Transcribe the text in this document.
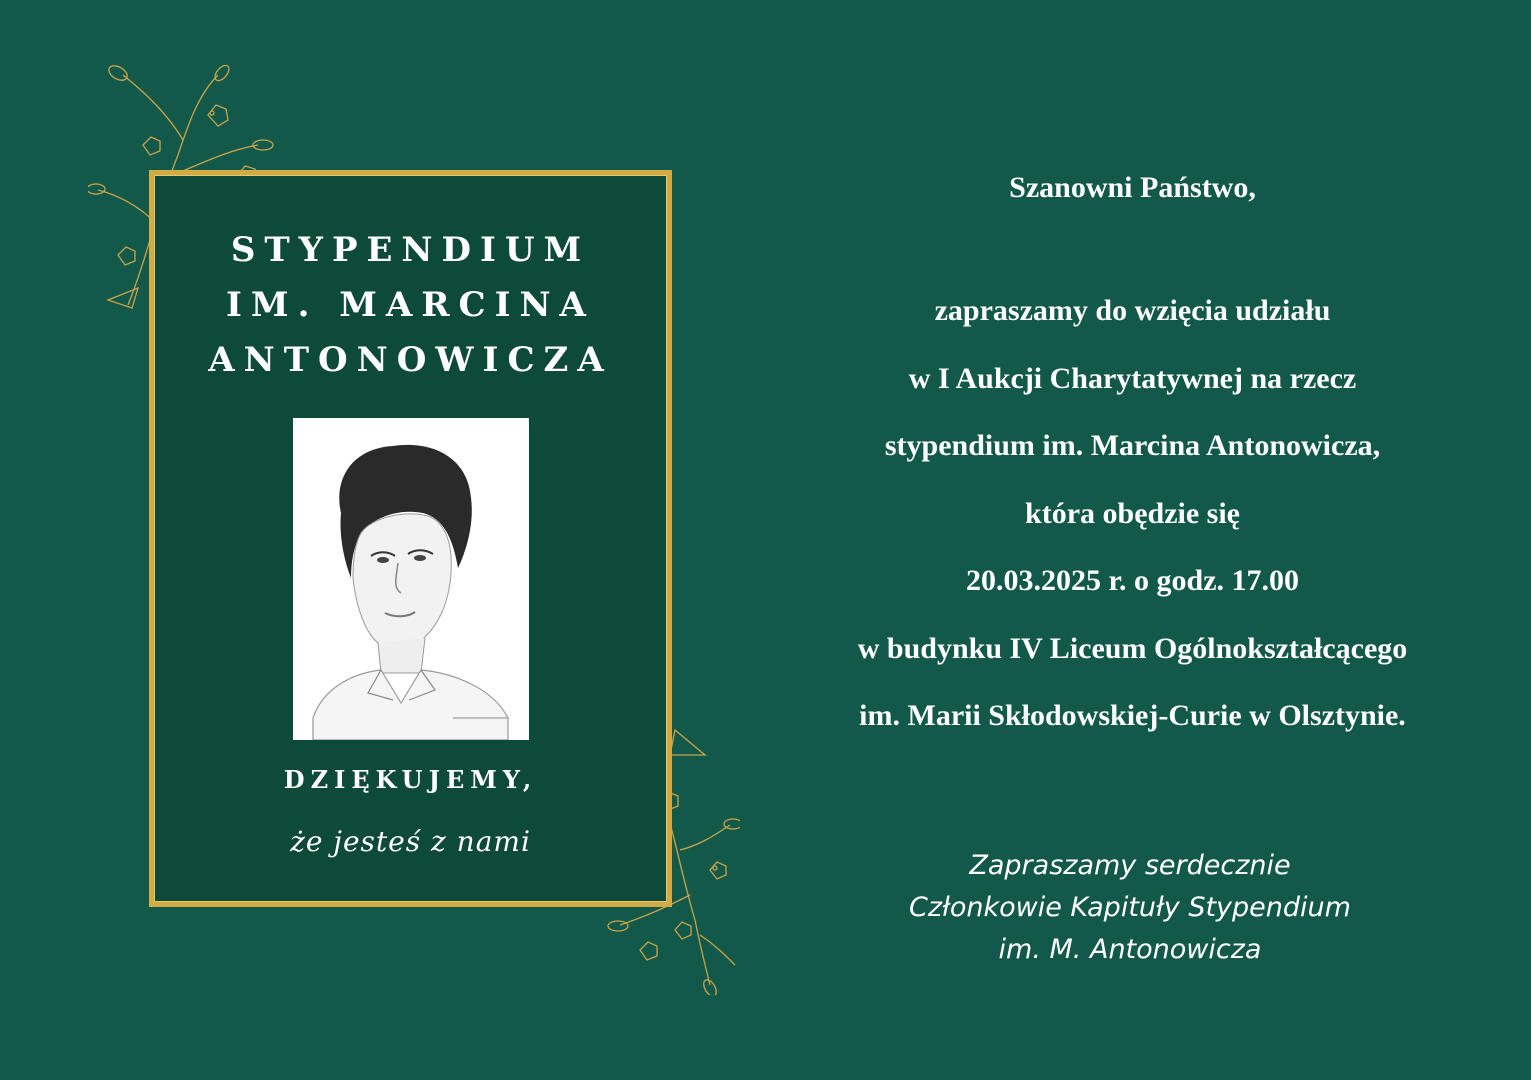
STYPENDIUM
IM. MARCINA
ANTONOWICZA
DZIĘKUJEMY,
że jesteś z nami

Szanowni Państwo,

zapraszamy do wzięcia udziału

w I Aukcji Charytatywnej na rzecz

stypendium im. Marcina Antonowicza,

która obędzie się

20.03.2025 r. o godz. 17.00

w budynku IV Liceum Ogólnokształcącego

im. Marii Skłodowskiej-Curie w Olsztynie.

Zapraszamy serdecznie
Członkowie Kapituły Stypendium
im. M. Antonowicza
